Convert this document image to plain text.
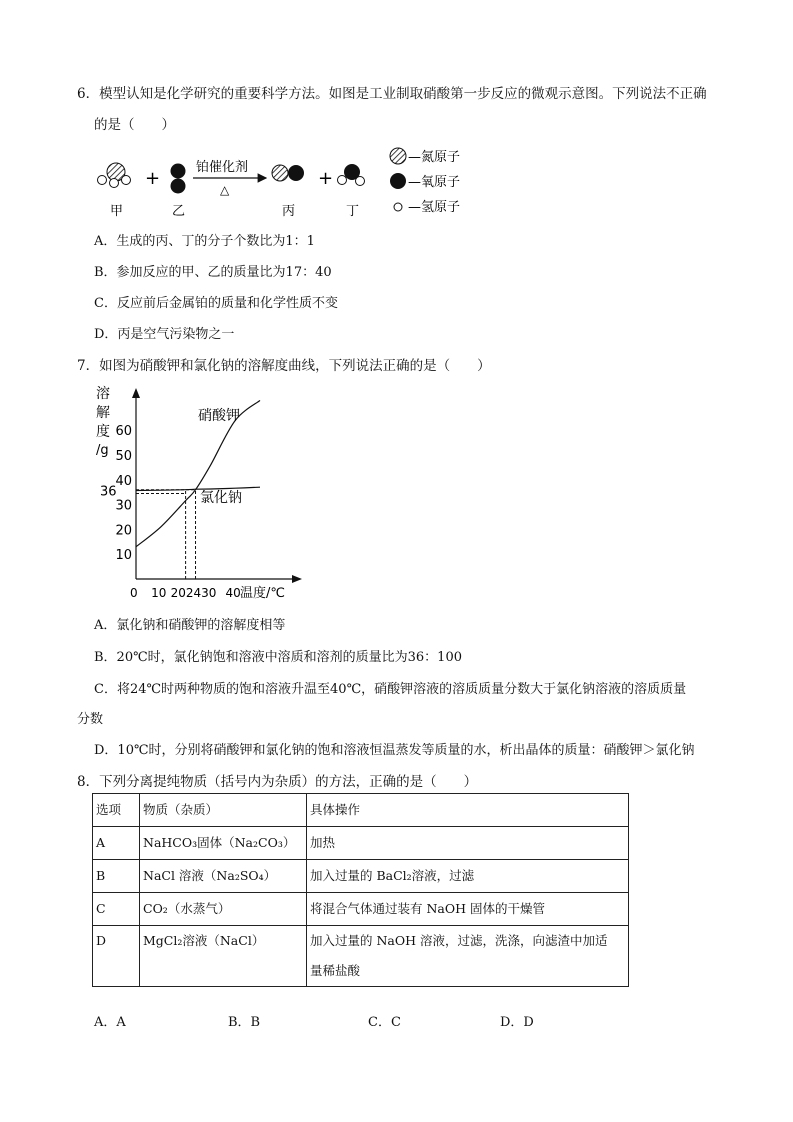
6．模型认知是化学研究的重要科学方法。如图是工业制取硝酸第一步反应的微观示意图。下列说法不正确
的是（　　）
+
铂催化剂
△
+
甲	乙	丙	丁
—氮原子
—氧原子
—氢原子
A．生成的丙、丁的分子个数比为1：1
B．参加反应的甲、乙的质量比为17：40
C．反应前后金属铂的质量和化学性质不变
D．丙是空气污染物之一
7．如图为硝酸钾和氯化钠的溶解度曲线，下列说法正确的是（　　）
溶
解
度
/g
10
20
30
40
50
60
36
0 10 202430 40 温度/℃
硝酸钾
氯化钠
A．氯化钠和硝酸钾的溶解度相等
B．20℃时，氯化钠饱和溶液中溶质和溶剂的质量比为36：100
C．将24℃时两种物质的饱和溶液升温至40℃，硝酸钾溶液的溶质质量分数大于氯化钠溶液的溶质质量
分数
D．10℃时，分别将硝酸钾和氯化钠的饱和溶液恒温蒸发等质量的水，析出晶体的质量：硝酸钾＞氯化钠
8．下列分离提纯物质（括号内为杂质）的方法，正确的是（　　）
选项	物质（杂质）	具体操作
A	NaHCO₃固体（Na₂CO₃）	加热
B	NaCl 溶液（Na₂SO₄）	加入过量的 BaCl₂溶液，过滤
C	CO₂（水蒸气）	将混合气体通过装有 NaOH 固体的干燥管
D	MgCl₂溶液（NaCl）	加入过量的 NaOH 溶液，过滤，洗涤，向滤渣中加适
量稀盐酸
A．A	B．B	C．C	D．D
